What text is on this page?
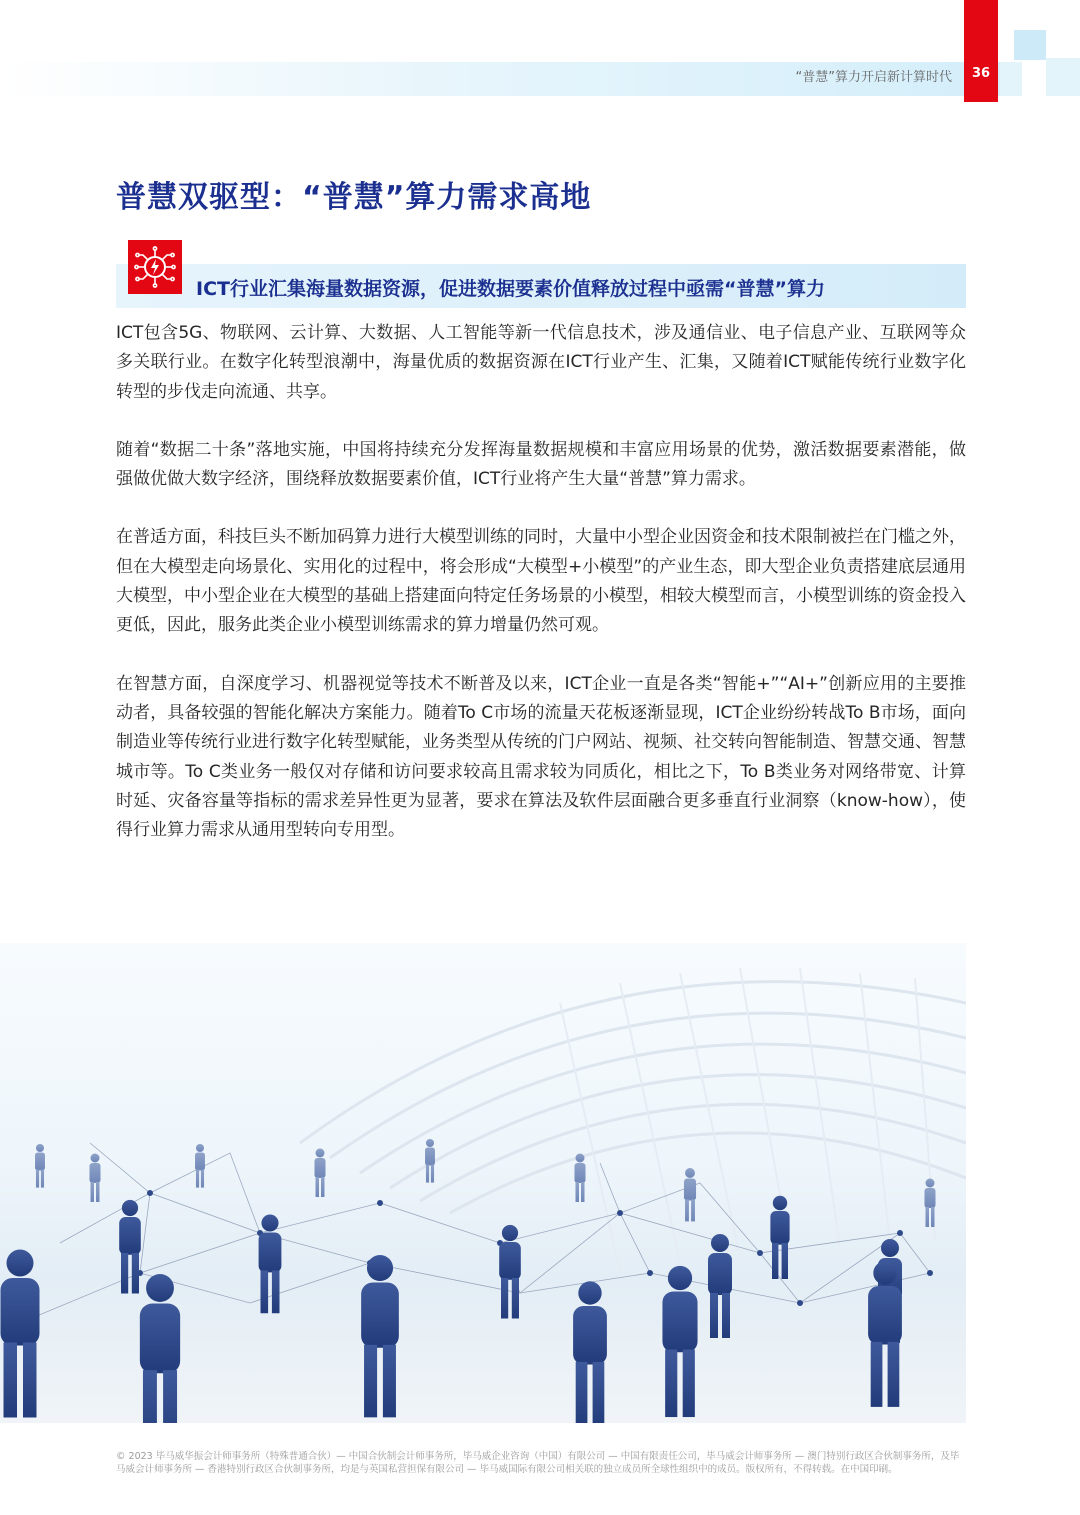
“普慧”算力开启新计算时代	36
普慧双驱型：“普慧”算力需求高地
ICT行业汇集海量数据资源，促进数据要素价值释放过程中亟需“普慧”算力

ICT包含5G、物联网、云计算、大数据、人工智能等新一代信息技术，涉及通信业、电子信息产业、互联网等众多关联行业。在数字化转型浪潮中，海量优质的数据资源在ICT行业产生、汇集，又随着ICT赋能传统行业数字化转型的步伐走向流通、共享。

随着“数据二十条”落地实施，中国将持续充分发挥海量数据规模和丰富应用场景的优势，激活数据要素潜能，做强做优做大数字经济，围绕释放数据要素价值，ICT行业将产生大量“普慧”算力需求。

在普适方面，科技巨头不断加码算力进行大模型训练的同时，大量中小型企业因资金和技术限制被拦在门槛之外，但在大模型走向场景化、实用化的过程中，将会形成“大模型+小模型”的产业生态，即大型企业负责搭建底层通用大模型，中小型企业在大模型的基础上搭建面向特定任务场景的小模型，相较大模型而言，小模型训练的资金投入更低，因此，服务此类企业小模型训练需求的算力增量仍然可观。

在智慧方面，自深度学习、机器视觉等技术不断普及以来，ICT企业一直是各类“智能+”“AI+”创新应用的主要推动者，具备较强的智能化解决方案能力。随着To C市场的流量天花板逐渐显现，ICT企业纷纷转战To B市场，面向制造业等传统行业进行数字化转型赋能，业务类型从传统的门户网站、视频、社交转向智能制造、智慧交通、智慧城市等。To C类业务一般仅对存储和访问要求较高且需求较为同质化，相比之下，To B类业务对网络带宽、计算时延、灾备容量等指标的需求差异性更为显著，要求在算法及软件层面融合更多垂直行业洞察（know-how），使得行业算力需求从通用型转向专用型。

© 2023 毕马威华振会计师事务所（特殊普通合伙）— 中国合伙制会计师事务所，毕马威企业咨询（中国）有限公司 — 中国有限责任公司，毕马威会计师事务所 — 澳门特别行政区合伙制事务所，及毕马威会计师事务所 — 香港特别行政区合伙制事务所，均是与英国私营担保有限公司 — 毕马威国际有限公司相关联的独立成员所全球性组织中的成员。版权所有，不得转载。在中国印刷。
